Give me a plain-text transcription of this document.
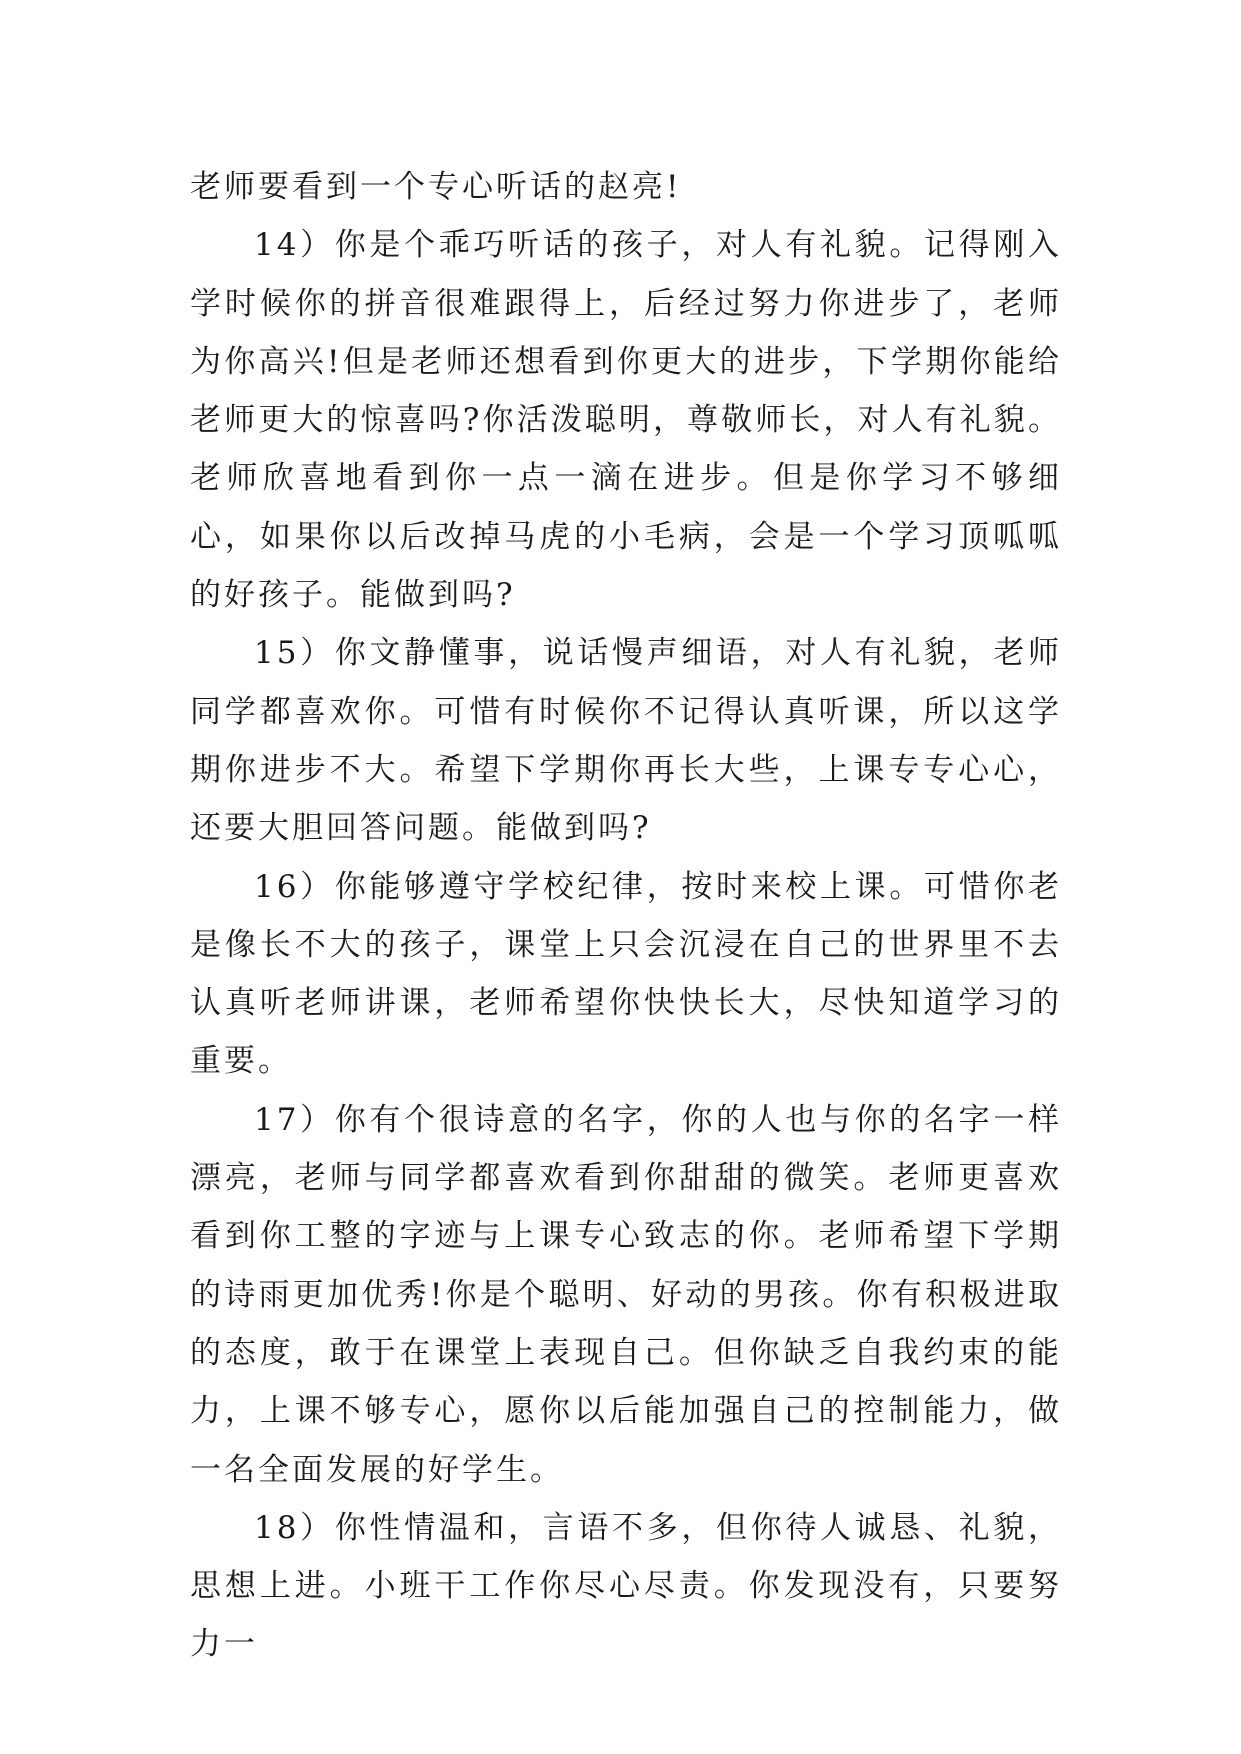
老师要看到一个专心听话的赵亮!

14）你是个乖巧听话的孩子，对人有礼貌。记得刚入学时候你的拼音很难跟得上，后经过努力你进步了，老师为你高兴!但是老师还想看到你更大的进步，下学期你能给老师更大的惊喜吗?你活泼聪明，尊敬师长，对人有礼貌。老师欣喜地看到你一点一滴在进步。但是你学习不够细心，如果你以后改掉马虎的小毛病，会是一个学习顶呱呱的好孩子。能做到吗?

15）你文静懂事，说话慢声细语，对人有礼貌，老师同学都喜欢你。可惜有时候你不记得认真听课，所以这学期你进步不大。希望下学期你再长大些，上课专专心心，还要大胆回答问题。能做到吗?

16）你能够遵守学校纪律，按时来校上课。可惜你老是像长不大的孩子，课堂上只会沉浸在自己的世界里不去认真听老师讲课，老师希望你快快长大，尽快知道学习的重要。

17）你有个很诗意的名字，你的人也与你的名字一样漂亮，老师与同学都喜欢看到你甜甜的微笑。老师更喜欢看到你工整的字迹与上课专心致志的你。老师希望下学期的诗雨更加优秀!你是个聪明、好动的男孩。你有积极进取的态度，敢于在课堂上表现自己。但你缺乏自我约束的能力，上课不够专心，愿你以后能加强自己的控制能力，做一名全面发展的好学生。

18）你性情温和，言语不多，但你待人诚恳、礼貌，思想上进。小班干工作你尽心尽责。你发现没有，只要努力一
